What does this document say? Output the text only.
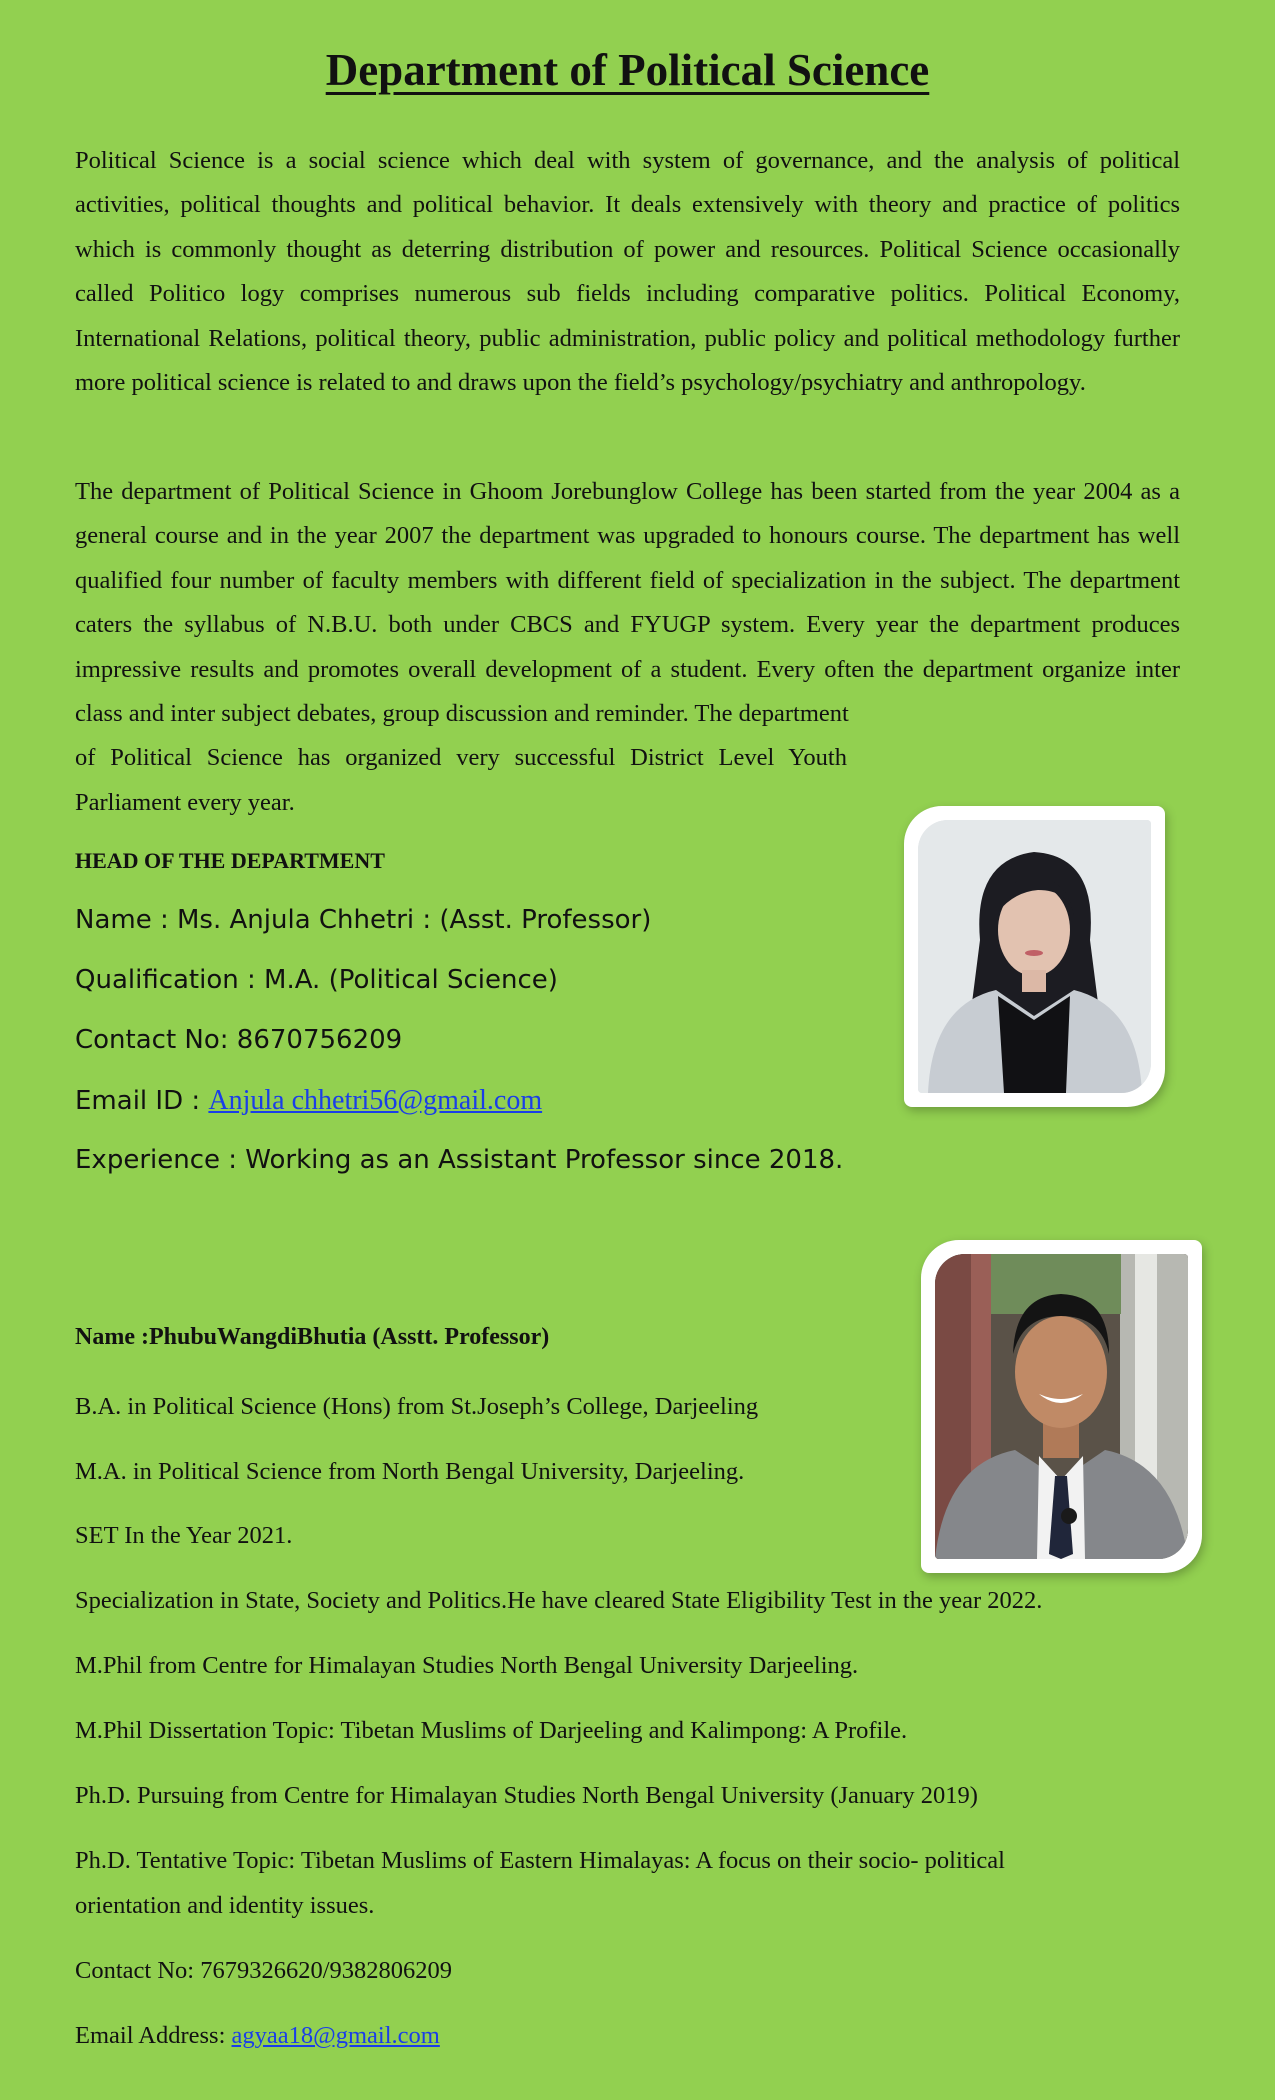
Department of Political Science
Political Science is a social science which deal with system of governance, and the analysis of political activities, political thoughts and political behavior. It deals extensively with theory and practice of politics which is commonly thought as deterring distribution of power and resources. Political Science occasionally called Politico logy comprises numerous sub fields including comparative politics. Political Economy, International Relations, political theory, public administration, public policy and political methodology further more political science is related to and draws upon the field’s psychology/psychiatry and anthropology.
The department of Political Science in Ghoom Jorebunglow College has been started from the year 2004 as a general course and in the year 2007 the department was upgraded to honours course. The department has well qualified four number of faculty members with different field of specialization in the subject. The department caters the syllabus of N.B.U. both under CBCS and FYUGP system. Every year the department produces impressive results and promotes overall development of a student. Every often the department organize inter class and inter subject debates, group discussion and reminder. The department
of Political Science has organized very successful District Level Youth
Parliament every year.
HEAD OF THE DEPARTMENT
Name : Ms. Anjula Chhetri : (Asst. Professor)
Qualification : M.A. (Political Science)
Contact No: 8670756209
Email ID : Anjula chhetri56@gmail.com
Experience : Working as an Assistant Professor since 2018.
Name :PhubuWangdiBhutia (Asstt. Professor)
B.A. in Political Science (Hons) from St.Joseph’s College, Darjeeling
M.A. in Political Science from North Bengal University, Darjeeling.
SET In the Year 2021.
Specialization in State, Society and Politics.He have cleared State Eligibility Test in the year 2022.
M.Phil from Centre for Himalayan Studies North Bengal University Darjeeling.
M.Phil Dissertation Topic: Tibetan Muslims of Darjeeling and Kalimpong: A Profile.
Ph.D. Pursuing from Centre for Himalayan Studies North Bengal University (January 2019)
Ph.D. Tentative Topic: Tibetan Muslims of Eastern Himalayas: A focus on their socio- political
orientation and identity issues.
Contact No: 7679326620/9382806209
Email Address: agyaa18@gmail.com
